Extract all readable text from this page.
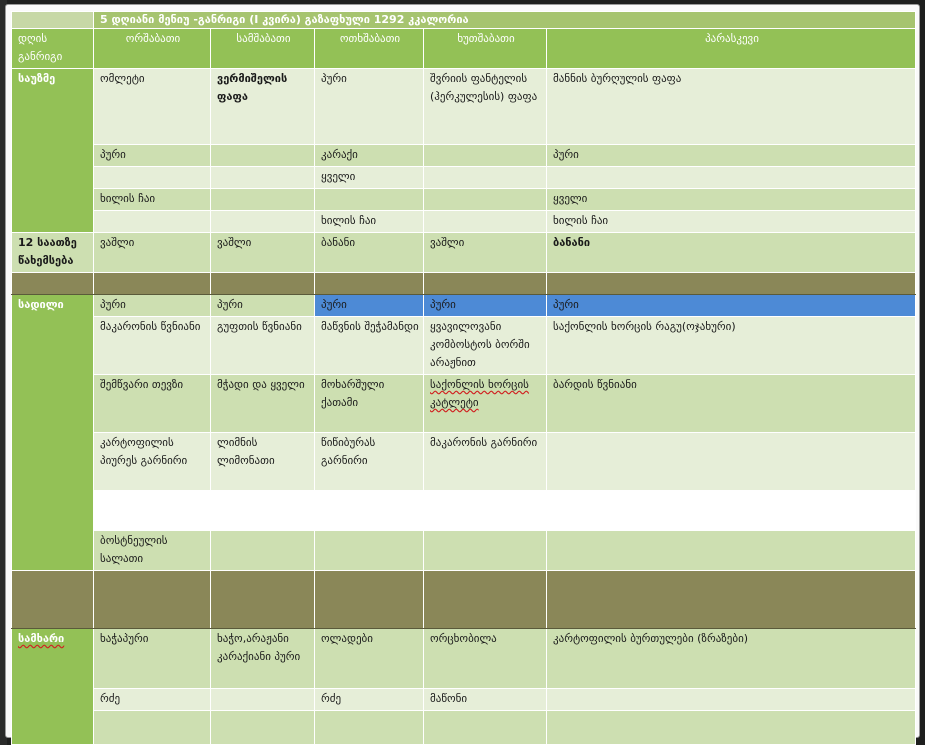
	5 დღიანი მენიუ -განრიგი (I კვირა) გაზაფხული 1292 კკალორია				
დღის განრიგი	ორშაბათი	სამშაბათი	ოთხშაბათი	ხუთშაბათი	პარასკევი
საუზმე	ომლეტი	ვერმიშელის ფაფა	პური	შვრიის ფანტელის (ჰერკულესის) ფაფა	მანნის ბურღულის ფაფა
	პური		კარაქი		პური
			ყველი		
	ხილის ჩაი				ყველი
			ხილის ჩაი		ხილის ჩაი
12 საათზე წახემსება	ვაშლი	ვაშლი	ბანანი	ვაშლი	ბანანი

სადილი	პური	პური	პური	პური	პური
	მაკარონის წვნიანი	გუფთის წვნიანი	მაწვნის შეჭამანდი	ყვავილოვანი კომბოსტოს ბორში არაჟნით	საქონლის ხორცის რაგუ(ოჯახური)
	შემწვარი თევზი	მჭადი და ყველი	მოხარშული ქათამი	საქონლის ხორცის კატლეტი	ბარდის წვნიანი
	კარტოფილის პიურეს გარნირი	ლიმნის ლიმონათი	წიწიბურას გარნირი	მაკარონის გარნირი	

	ბოსტნეულის სალათი				

სამხარი	ხაჭაპური	ხაჭო,არაჟანი კარაქიანი პური	ოლადები	ორცხობილა	კარტოფილის ბურთულები (ზრაზები)
	რძე		რძე	მაწონი	
